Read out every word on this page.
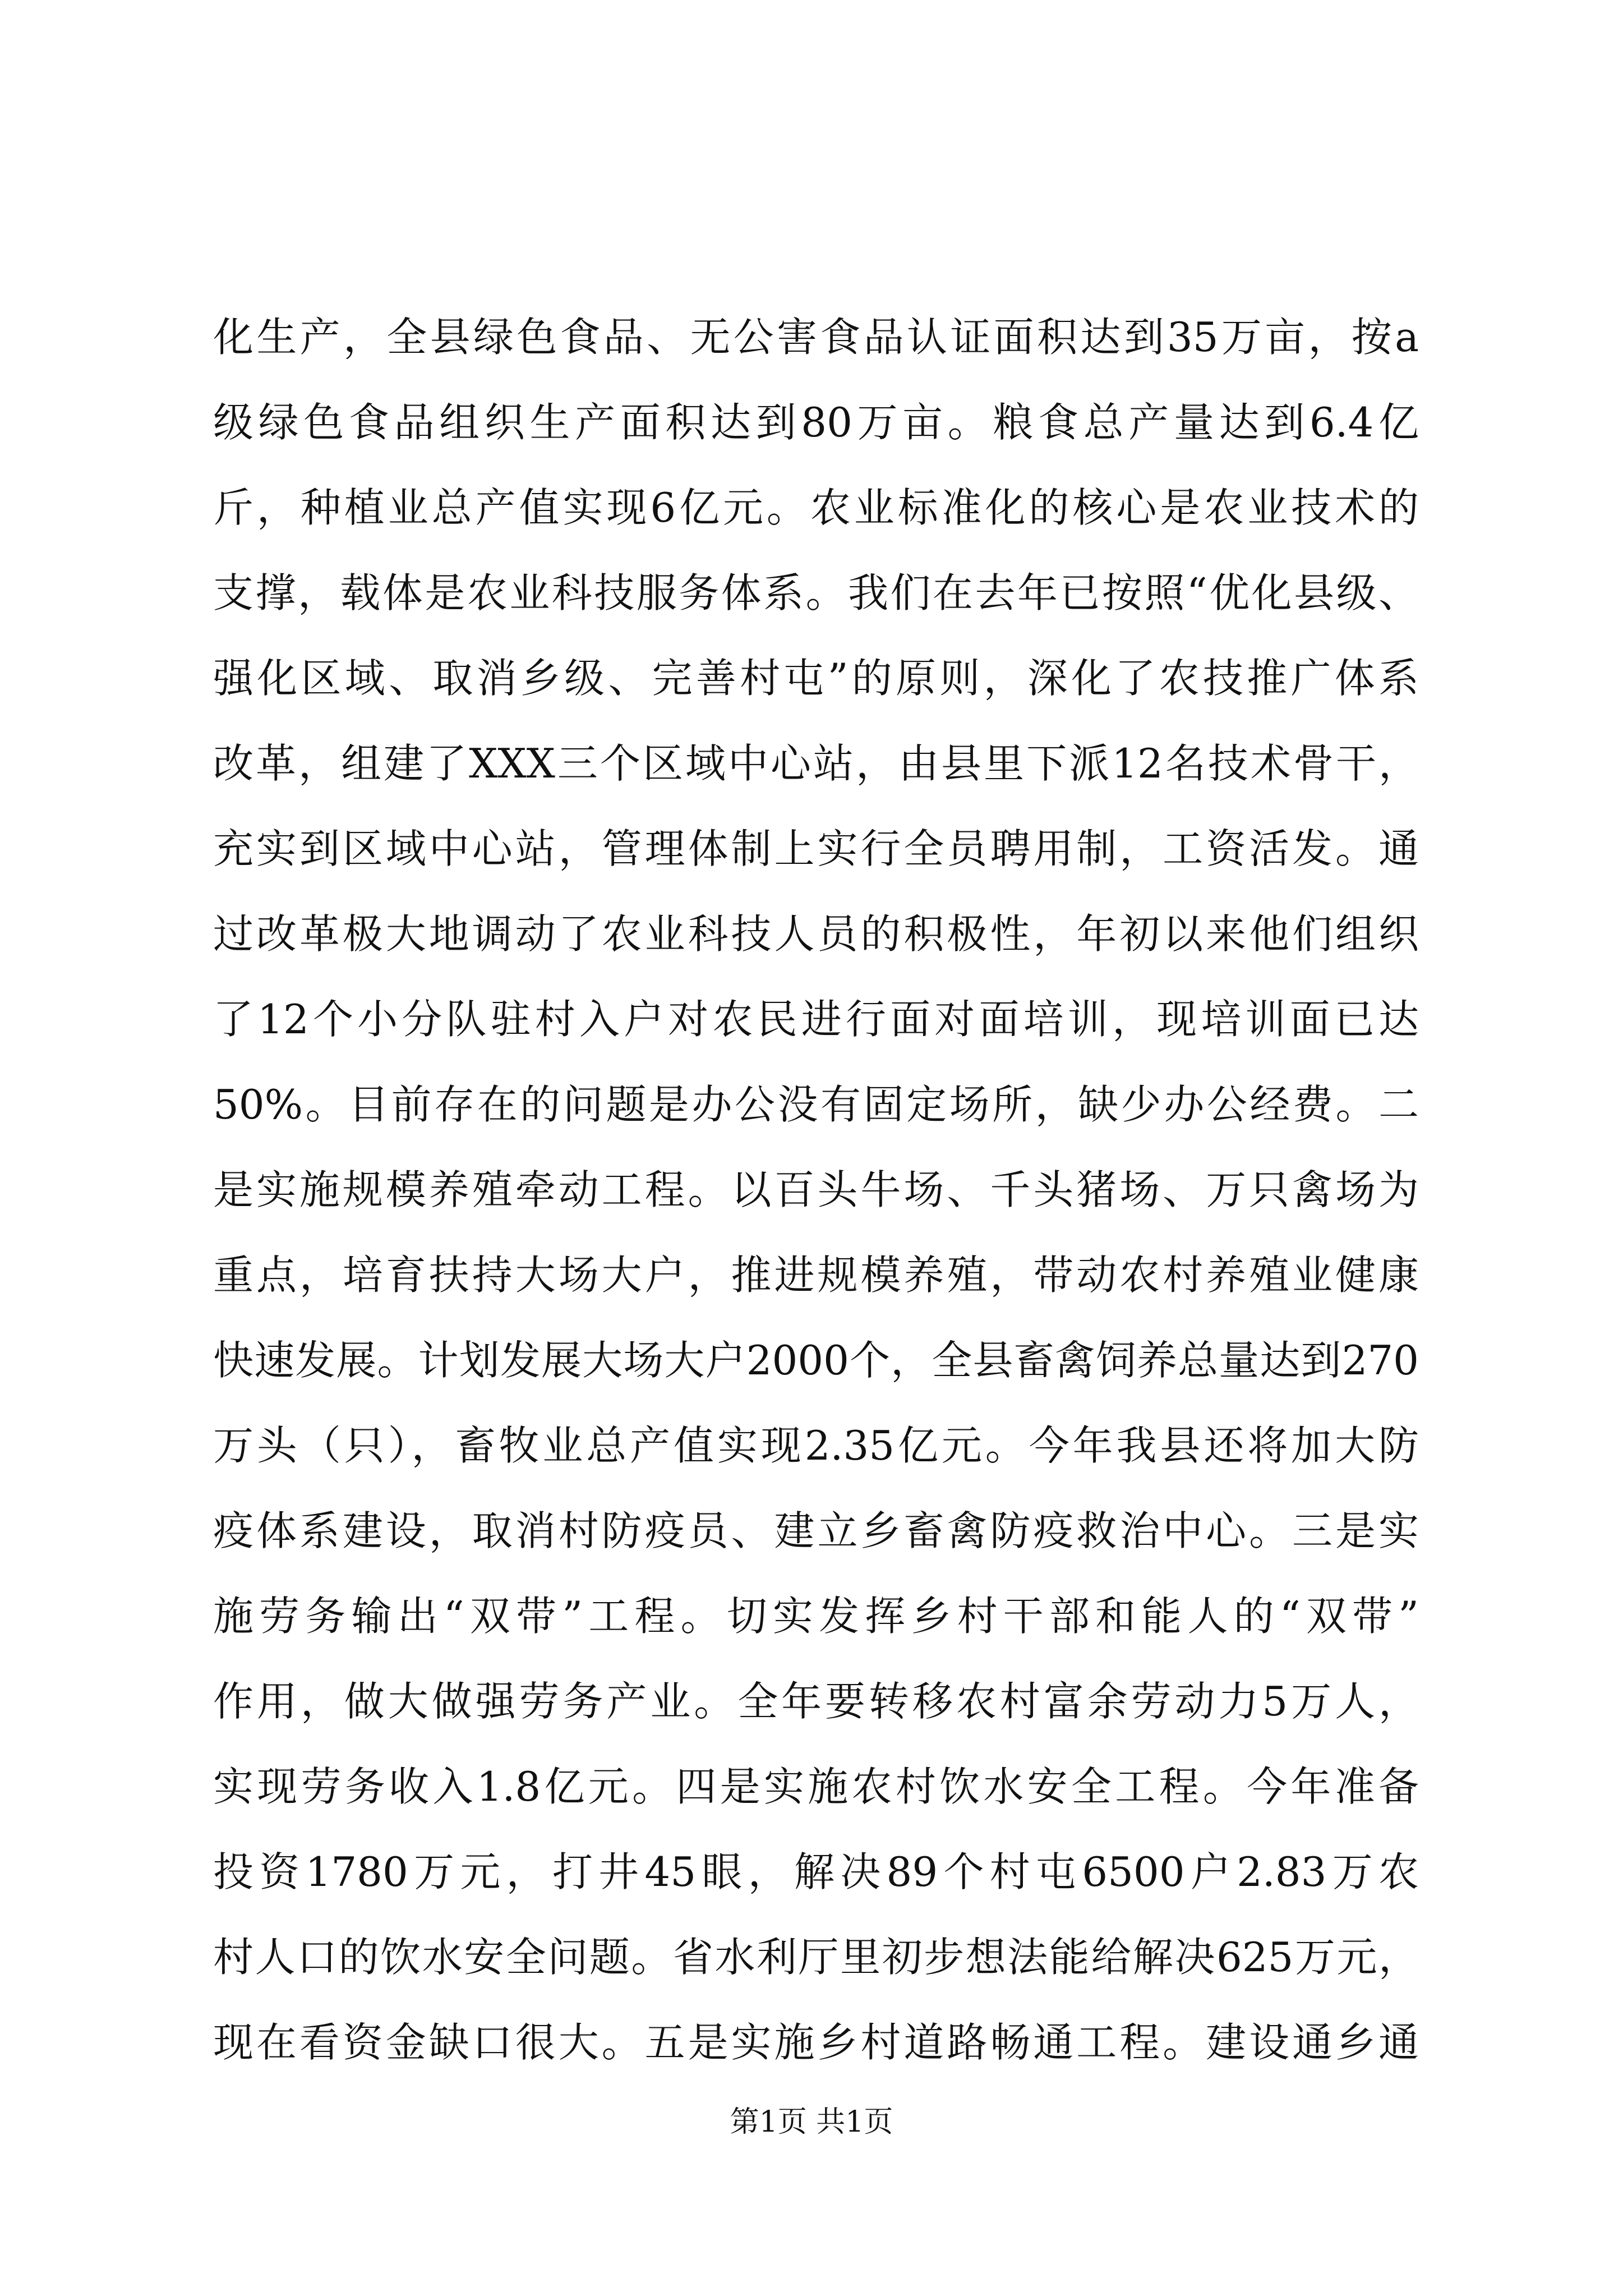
化生产，全县绿色食品、无公害食品认证面积达到35万亩，按a
级绿色食品组织生产面积达到80万亩。粮食总产量达到6.4亿
斤，种植业总产值实现6亿元。农业标准化的核心是农业技术的
支撑，载体是农业科技服务体系。我们在去年已按照“优化县级、
强化区域、取消乡级、完善村屯”的原则，深化了农技推广体系
改革，组建了XXX三个区域中心站，由县里下派12名技术骨干，
充实到区域中心站，管理体制上实行全员聘用制，工资活发。通
过改革极大地调动了农业科技人员的积极性，年初以来他们组织
了12个小分队驻村入户对农民进行面对面培训，现培训面已达
50%。目前存在的问题是办公没有固定场所，缺少办公经费。二
是实施规模养殖牵动工程。以百头牛场、千头猪场、万只禽场为
重点，培育扶持大场大户，推进规模养殖，带动农村养殖业健康
快速发展。计划发展大场大户2000个，全县畜禽饲养总量达到270
万头（只），畜牧业总产值实现2.35亿元。今年我县还将加大防
疫体系建设，取消村防疫员、建立乡畜禽防疫救治中心。三是实
施劳务输出“双带”工程。切实发挥乡村干部和能人的“双带”
作用，做大做强劳务产业。全年要转移农村富余劳动力5万人，
实现劳务收入1.8亿元。四是实施农村饮水安全工程。今年准备
投资1780万元，打井45眼，解决89个村屯6500户2.83万农
村人口的饮水安全问题。省水利厅里初步想法能给解决625万元，
现在看资金缺口很大。五是实施乡村道路畅通工程。建设通乡通
第1页 共1页
